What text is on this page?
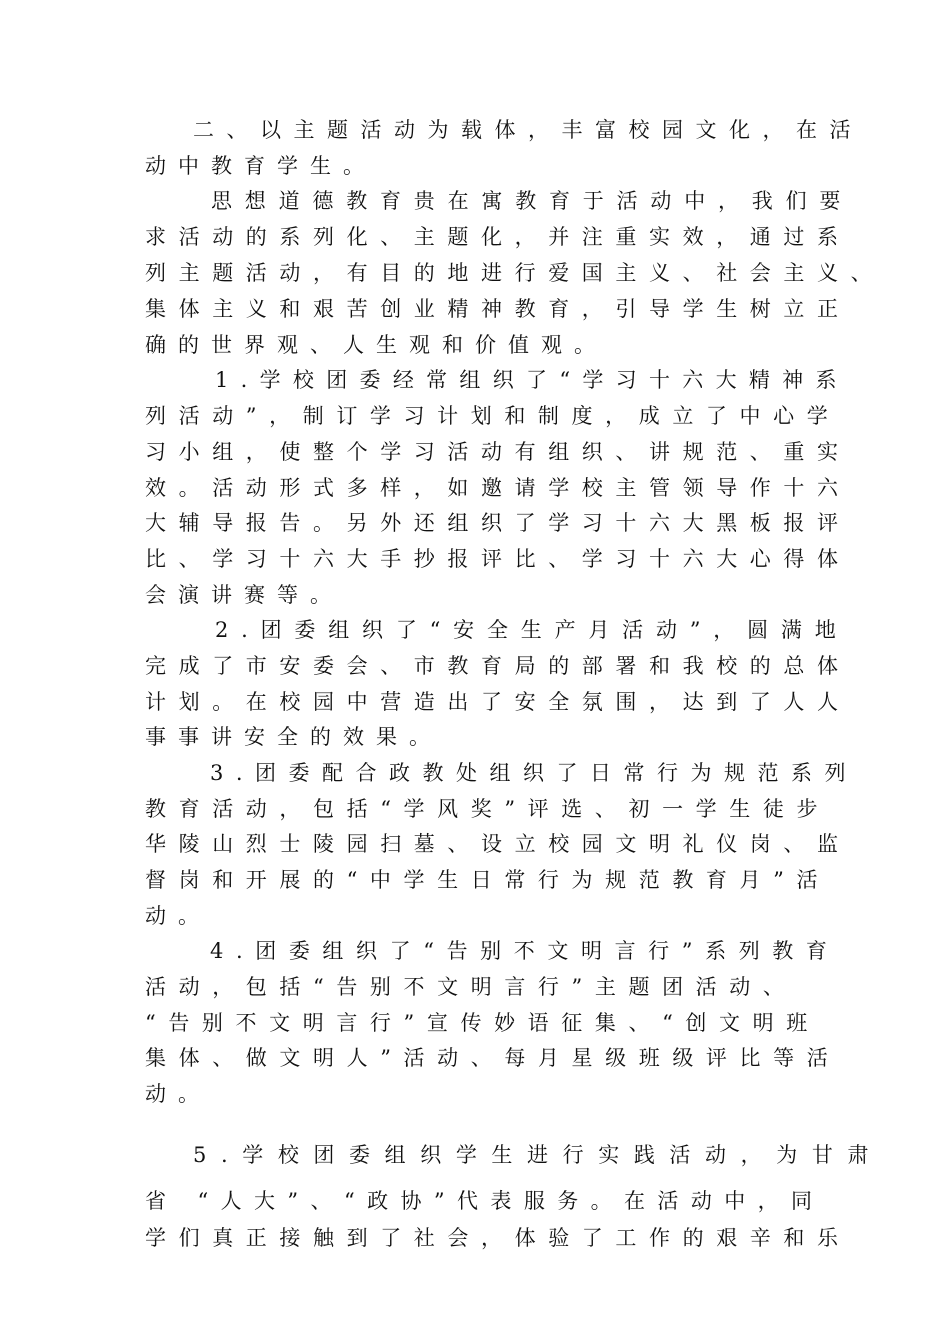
二、以主题活动为载体，丰富校园文化，在活
动中教育学生。
思想道德教育贵在寓教育于活动中，我们要
求活动的系列化、主题化，并注重实效，通过系
列主题活动，有目的地进行爱国主义、社会主义、
集体主义和艰苦创业精神教育，引导学生树立正
确的世界观、人生观和价值观。
1.学校团委经常组织了“学习十六大精神系
列活动”，制订学习计划和制度，成立了中心学
习小组，使整个学习活动有组织、讲规范、重实
效。活动形式多样，如邀请学校主管领导作十六
大辅导报告。另外还组织了学习十六大黑板报评
比、学习十六大手抄报评比、学习十六大心得体
会演讲赛等。
2.团委组织了“安全生产月活动”，圆满地
完成了市安委会、市教育局的部署和我校的总体
计划。在校园中营造出了安全氛围，达到了人人
事事讲安全的效果。
3.团委配合政教处组织了日常行为规范系列
教育活动，包括“学风奖”评选、初一学生徒步
华陵山烈士陵园扫墓、设立校园文明礼仪岗、监
督岗和开展的“中学生日常行为规范教育月”活
动。
4.团委组织了“告别不文明言行”系列教育
活动，包括“告别不文明言行”主题团活动、
“告别不文明言行”宣传妙语征集、“创文明班
集体、做文明人”活动、每月星级班级评比等活
动。
5.学校团委组织学生进行实践活动，为甘肃
省 “人大”、“政协”代表服务。在活动中，同
学们真正接触到了社会，体验了工作的艰辛和乐
